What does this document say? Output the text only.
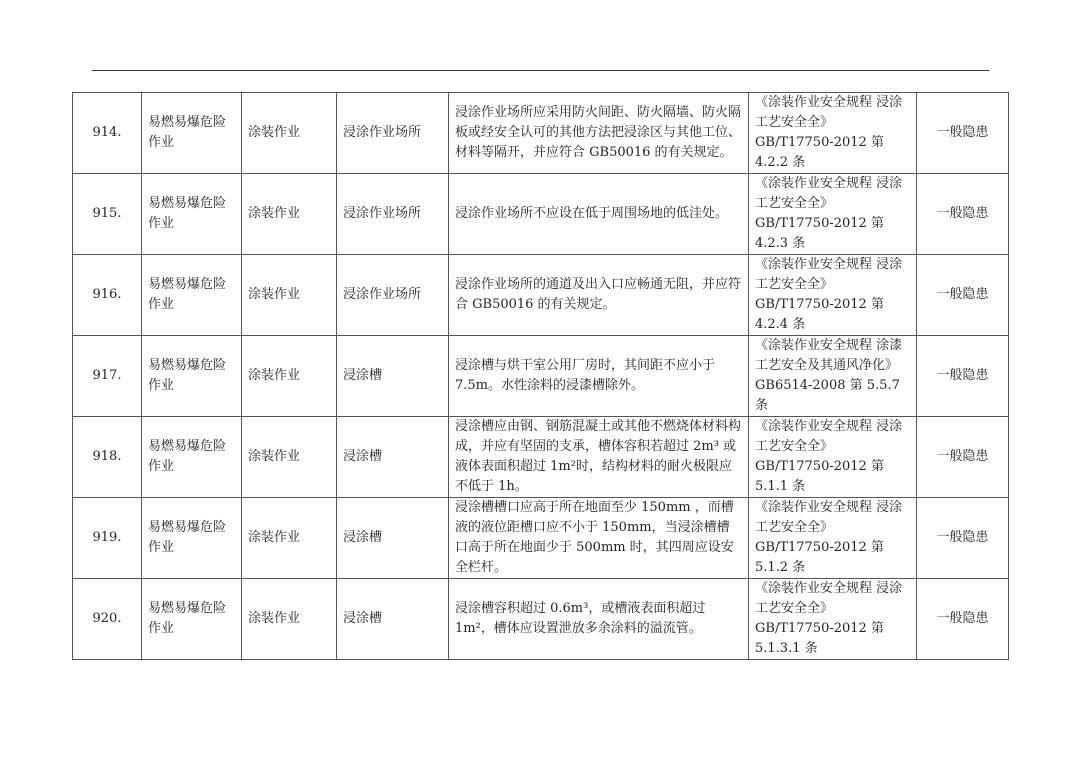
914.	易燃易爆危险作业	涂装作业	浸涂作业场所	浸涂作业场所应采用防火间距、防火隔墙、防火隔板或经安全认可的其他方法把浸涂区与其他工位、材料等隔开，并应符合 GB50016 的有关规定。	《涂装作业安全规程 浸涂工艺安全全》GB/T17750-2012 第 4.2.2 条	一般隐患
915.	易燃易爆危险作业	涂装作业	浸涂作业场所	浸涂作业场所不应设在低于周围场地的低洼处。	《涂装作业安全规程 浸涂工艺安全全》GB/T17750-2012 第 4.2.3 条	一般隐患
916.	易燃易爆危险作业	涂装作业	浸涂作业场所	浸涂作业场所的通道及出入口应畅通无阻，并应符合 GB50016 的有关规定。	《涂装作业安全规程 浸涂工艺安全全》GB/T17750-2012 第 4.2.4 条	一般隐患
917.	易燃易爆危险作业	涂装作业	浸涂槽	浸涂槽与烘干室公用厂房时，其间距不应小于 7.5m。水性涂料的浸漆槽除外。	《涂装作业安全规程 涂漆工艺安全及其通风净化》GB6514-2008 第 5.5.7 条	一般隐患
918.	易燃易爆危险作业	涂装作业	浸涂槽	浸涂槽应由钢、钢筋混凝土或其他不燃烧体材料构成，并应有坚固的支承，槽体容积若超过 2m³ 或液体表面积超过 1m²时，结构材料的耐火极限应不低于 1h。	《涂装作业安全规程 浸涂工艺安全全》GB/T17750-2012 第 5.1.1 条	一般隐患
919.	易燃易爆危险作业	涂装作业	浸涂槽	浸涂槽槽口应高于所在地面至少 150mm ，而槽液的液位距槽口应不小于 150mm，当浸涂槽槽口高于所在地面少于 500mm 时，其四周应设安全栏杆。	《涂装作业安全规程 浸涂工艺安全全》GB/T17750-2012 第 5.1.2 条	一般隐患
920.	易燃易爆危险作业	涂装作业	浸涂槽	浸涂槽容积超过 0.6m³，或槽液表面积超过 1m²，槽体应设置泄放多余涂料的溢流管。	《涂装作业安全规程 浸涂工艺安全全》GB/T17750-2012 第 5.1.3.1 条	一般隐患
